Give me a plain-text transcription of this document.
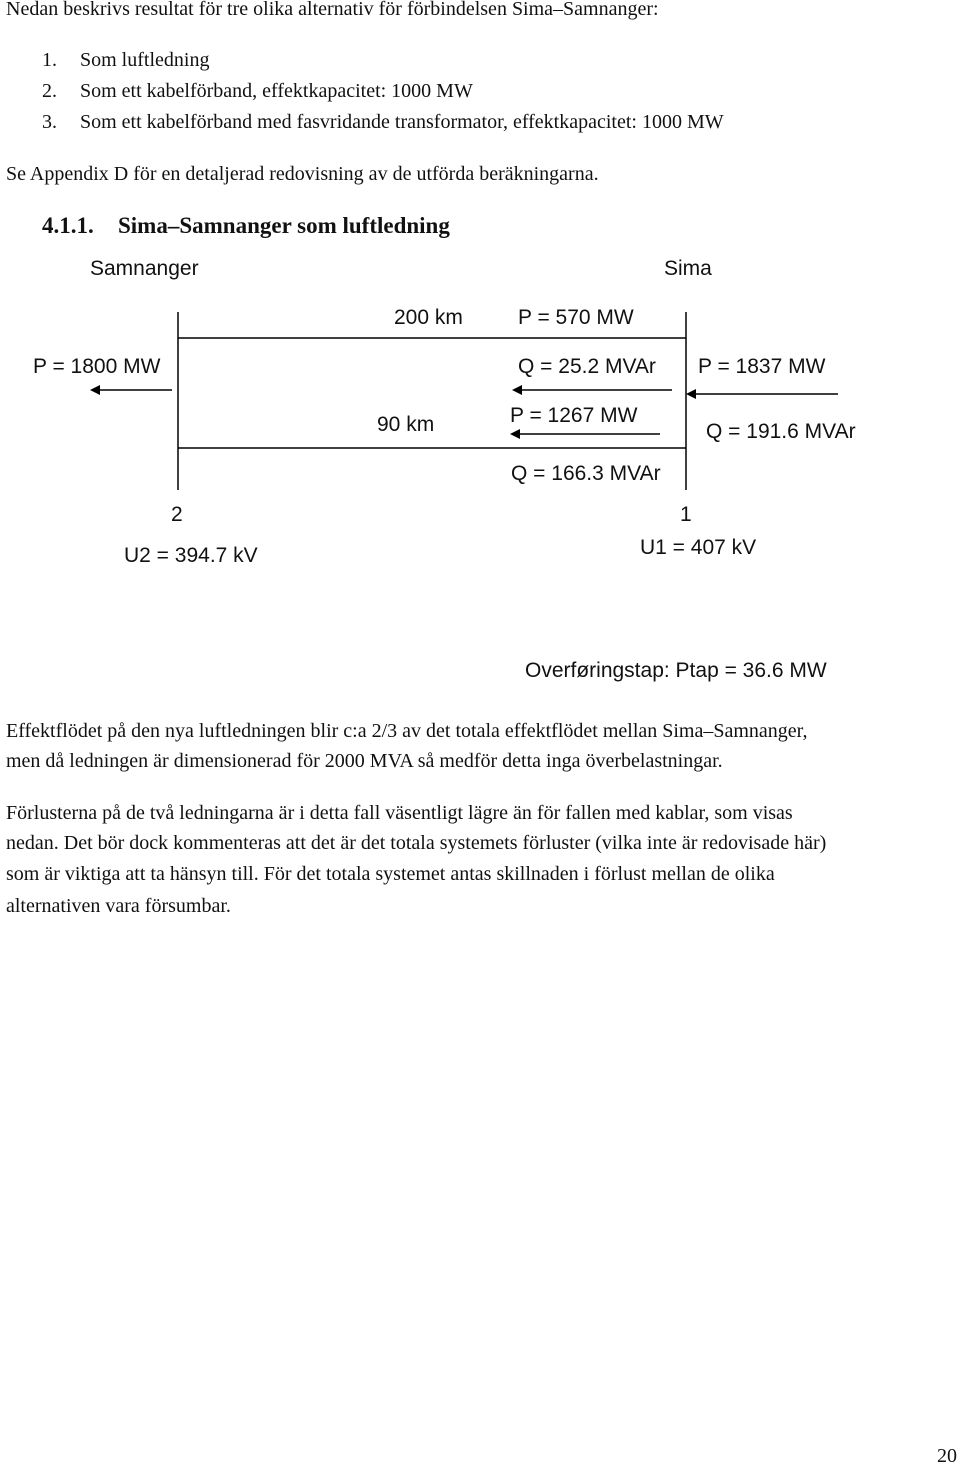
Nedan beskrivs resultat för tre olika alternativ för förbindelsen Sima–Samnanger:
1. Som luftledning
2. Som ett kabelförband, effektkapacitet: 1000 MW
3. Som ett kabelförband med fasvridande transformator, effektkapacitet: 1000 MW
Se Appendix D för en detaljerad redovisning av de utförda beräkningarna.
4.1.1. Sima–Samnanger som luftledning
Samnanger	Sima
200 km	P = 570 MW
P = 1800 MW	Q = 25.2 MVAr P = 1837 MW
90 km	P = 1267 MW
Q = 191.6 MVAr
Q = 166.3 MVAr
2	1
U2 = 394.7 kV	U1 = 407 kV
Overføringstap: Ptap = 36.6 MW
Effektflödet på den nya luftledningen blir c:a 2/3 av det totala effektflödet mellan Sima–Samnanger,
men då ledningen är dimensionerad för 2000 MVA så medför detta inga överbelastningar.
Förlusterna på de två ledningarna är i detta fall väsentligt lägre än för fallen med kablar, som visas
nedan. Det bör dock kommenteras att det är det totala systemets förluster (vilka inte är redovisade här)
som är viktiga att ta hänsyn till. För det totala systemet antas skillnaden i förlust mellan de olika
alternativen vara försumbar.
20
